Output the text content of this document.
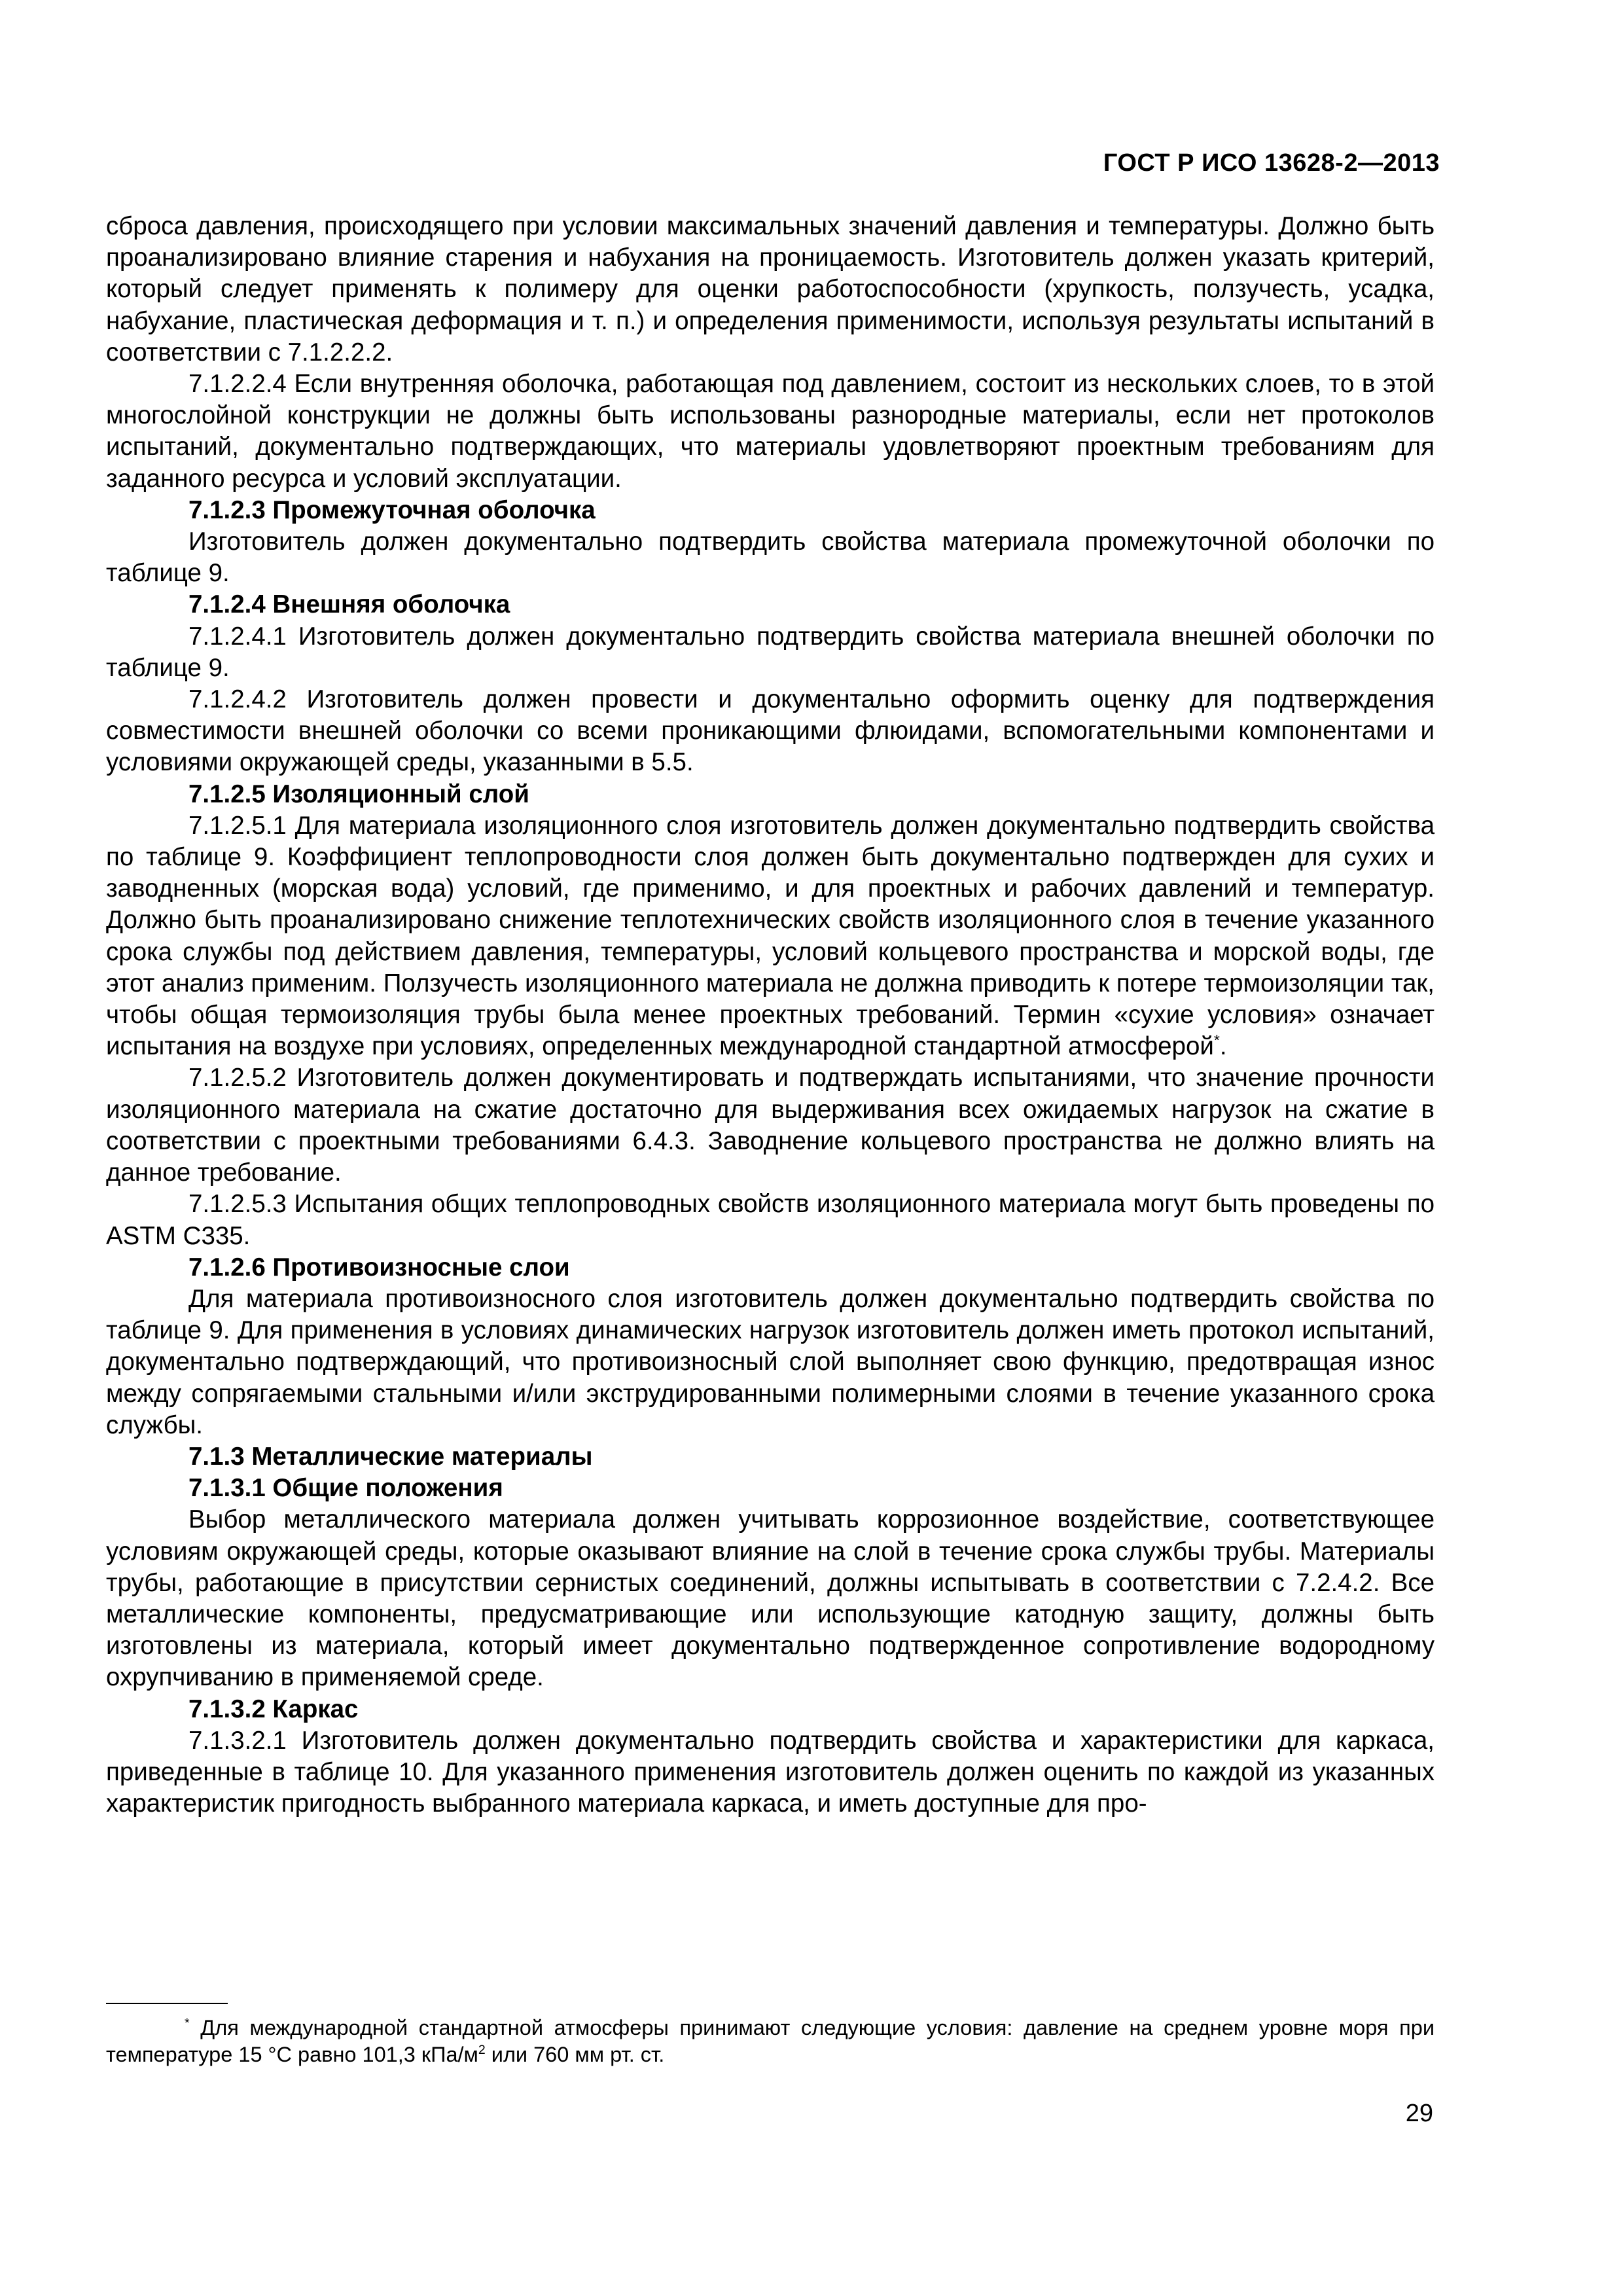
ГОСТ Р ИСО 13628-2—2013

сброса давления, происходящего при условии максимальных значений давления и температуры. Должно быть проанализировано влияние старения и набухания на проницаемость. Изготовитель должен указать критерий, который следует применять к полимеру для оценки работоспособности (хрупкость, ползучесть, усадка, набухание, пластическая деформация и т. п.) и определения применимости, используя результаты испытаний в соответствии с 7.1.2.2.2.

7.1.2.2.4 Если внутренняя оболочка, работающая под давлением, состоит из нескольких слоев, то в этой многослойной конструкции не должны быть использованы разнородные материалы, если нет протоколов испытаний, документально подтверждающих, что материалы удовлетворяют проектным требованиям для заданного ресурса и условий эксплуатации.

7.1.2.3 Промежуточная оболочка

Изготовитель должен документально подтвердить свойства материала промежуточной оболочки по таблице 9.

7.1.2.4 Внешняя оболочка

7.1.2.4.1 Изготовитель должен документально подтвердить свойства материала внешней оболочки по таблице 9.

7.1.2.4.2 Изготовитель должен провести и документально оформить оценку для подтверждения совместимости внешней оболочки со всеми проникающими флюидами, вспомогательными компонентами и условиями окружающей среды, указанными в 5.5.

7.1.2.5 Изоляционный слой

7.1.2.5.1 Для материала изоляционного слоя изготовитель должен документально подтвердить свойства по таблице 9. Коэффициент теплопроводности слоя должен быть документально подтвержден для сухих и заводненных (морская вода) условий, где применимо, и для проектных и рабочих давлений и температур. Должно быть проанализировано снижение теплотехнических свойств изоляционного слоя в течение указанного срока службы под действием давления, температуры, условий кольцевого пространства и морской воды, где этот анализ применим. Ползучесть изоляционного материала не должна приводить к потере термоизоляции так, чтобы общая термоизоляция трубы была менее проектных требований. Термин «сухие условия» означает испытания на воздухе при условиях, определенных международной стандартной атмосферой*.

7.1.2.5.2 Изготовитель должен документировать и подтверждать испытаниями, что значение прочности изоляционного материала на сжатие достаточно для выдерживания всех ожидаемых нагрузок на сжатие в соответствии с проектными требованиями 6.4.3. Заводнение кольцевого пространства не должно влиять на данное требование.

7.1.2.5.3 Испытания общих теплопроводных свойств изоляционного материала могут быть проведены по ASTM C335.

7.1.2.6 Противоизносные слои

Для материала противоизносного слоя изготовитель должен документально подтвердить свойства по таблице 9. Для применения в условиях динамических нагрузок изготовитель должен иметь протокол испытаний, документально подтверждающий, что противоизносный слой выполняет свою функцию, предотвращая износ между сопрягаемыми стальными и/или экструдированными полимерными слоями в течение указанного срока службы.

7.1.3 Металлические материалы

7.1.3.1 Общие положения

Выбор металлического материала должен учитывать коррозионное воздействие, соответствующее условиям окружающей среды, которые оказывают влияние на слой в течение срока службы трубы. Материалы трубы, работающие в присутствии сернистых соединений, должны испытывать в соответствии с 7.2.4.2. Все металлические компоненты, предусматривающие или использующие катодную защиту, должны быть изготовлены из материала, который имеет документально подтвержденное сопротивление водородному охрупчиванию в применяемой среде.

7.1.3.2 Каркас

7.1.3.2.1 Изготовитель должен документально подтвердить свойства и характеристики для каркаса, приведенные в таблице 10. Для указанного применения изготовитель должен оценить по каждой из указанных характеристик пригодность выбранного материала каркаса, и иметь доступные для про-

* Для международной стандартной атмосферы принимают следующие условия: давление на среднем уровне моря при температуре 15 °С равно 101,3 кПа/$м^2$ или 760 мм рт. ст.
29
